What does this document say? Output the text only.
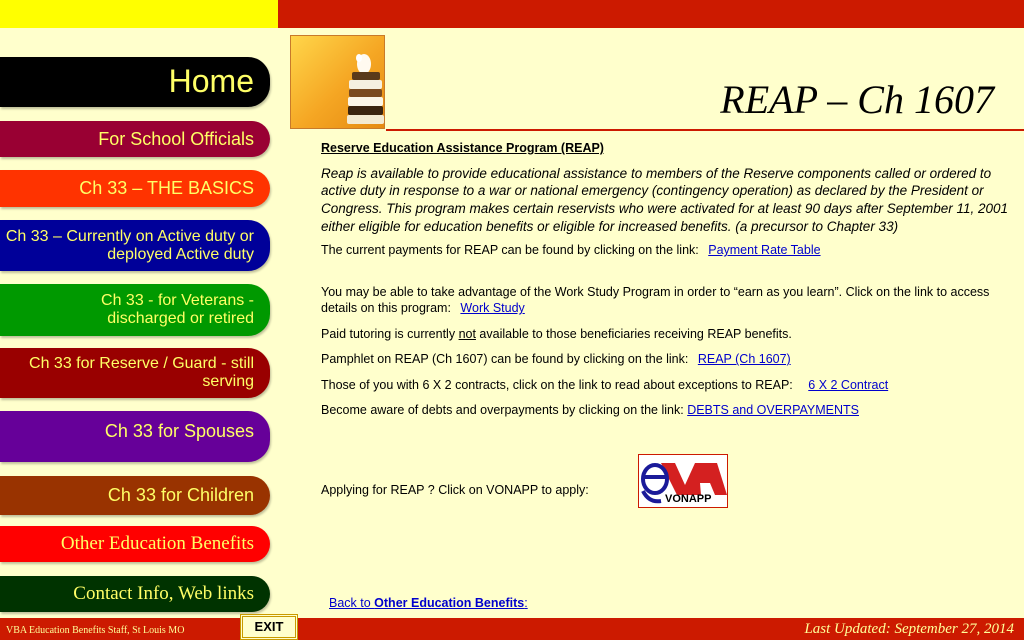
Home
For School Officials
Ch 33 – THE BASICS
Ch 33 – Currently on Active duty or deployed Active duty
Ch 33 - for Veterans - discharged or retired
Ch 33 for Reserve / Guard - still serving
Ch 33 for Spouses
Ch 33 for Children
Other Education Benefits
Contact Info, Web links
REAP – Ch 1607

Reserve Education Assistance Program (REAP)

Reap is available to provide educational assistance to members of the Reserve components called or ordered to active duty in response to a war or national emergency (contingency operation) as declared by the President or Congress. This program makes certain reservists who were activated for at least 90 days after September 11, 2001 either eligible for education benefits or eligible for increased benefits. (a precursor to Chapter 33)

The current payments for REAP can be found by clicking on the link: Payment Rate Table

You may be able to take advantage of the Work Study Program in order to “earn as you learn”. Click on the link to access details on this program: Work Study

Paid tutoring is currently not available to those beneficiaries receiving REAP benefits.

Pamphlet on REAP (Ch 1607) can be found by clicking on the link: REAP (Ch 1607)

Those of you with 6 X 2 contracts, click on the link to read about exceptions to REAP: 6 X 2 Contract

Become aware of debts and overpayments by clicking on the link: DEBTS and OVERPAYMENTS

Applying for REAP ? Click on VONAPP to apply:
VONAPP
Back to Other Education Benefits:
VBA Education Benefits Staff, St Louis MO	EXIT	Last Updated: September 27, 2014
